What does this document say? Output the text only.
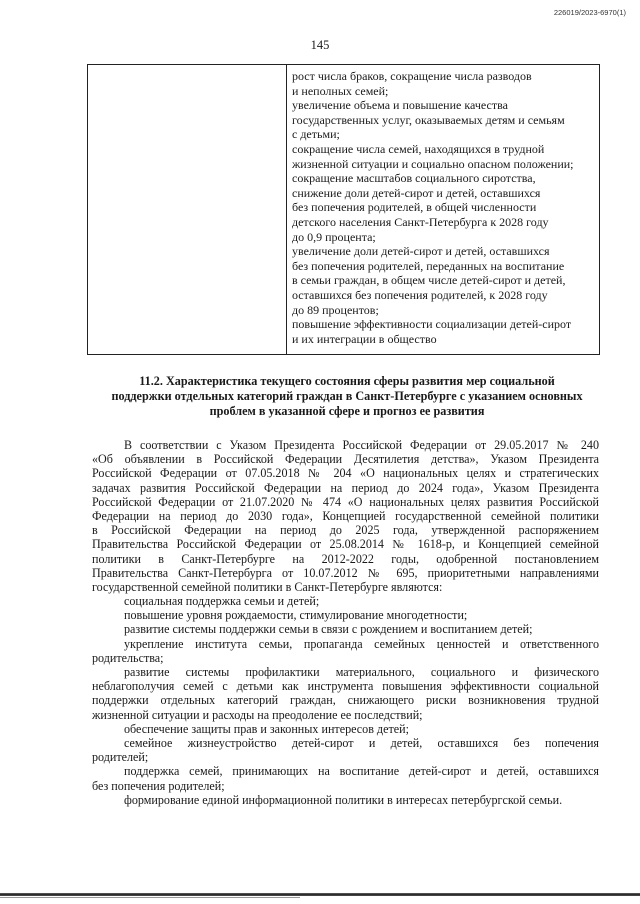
226019/2023-6970(1)
145
рост числа браков, сокращение числа разводов
и неполных семей;
увеличение объема и повышение качества
государственных услуг, оказываемых детям и семьям
с детьми;
сокращение числа семей, находящихся в трудной
жизненной ситуации и социально опасном положении;
сокращение масштабов социального сиротства,
снижение доли детей-сирот и детей, оставшихся
без попечения родителей, в общей численности
детского населения Санкт-Петербурга к 2028 году
до 0,9 процента;
увеличение доли детей-сирот и детей, оставшихся
без попечения родителей, переданных на воспитание
в семьи граждан, в общем числе детей-сирот и детей,
оставшихся без попечения родителей, к 2028 году
до 89 процентов;
повышение эффективности социализации детей-сирот
и их интеграции в общество
11.2. Характеристика текущего состояния сферы развития мер социальной
поддержки отдельных категорий граждан в Санкт-Петербурге с указанием основных
проблем в указанной сфере и прогноз ее развития
В соответствии с Указом Президента Российской Федерации от 29.05.2017 № 240
«Об объявлении в Российской Федерации Десятилетия детства», Указом Президента
Российской Федерации от 07.05.2018 № 204 «О национальных целях и стратегических
задачах развития Российской Федерации на период до 2024 года», Указом Президента
Российской Федерации от 21.07.2020 № 474 «О национальных целях развития Российской
Федерации на период до 2030 года», Концепцией государственной семейной политики
в Российской Федерации на период до 2025 года, утвержденной распоряжением
Правительства Российской Федерации от 25.08.2014 № 1618-р, и Концепцией семейной
политики в Санкт-Петербурге на 2012-2022 годы, одобренной постановлением
Правительства Санкт-Петербурга от 10.07.2012 № 695, приоритетными направлениями
государственной семейной политики в Санкт-Петербурге являются:
социальная поддержка семьи и детей;
повышение уровня рождаемости, стимулирование многодетности;
развитие системы поддержки семьи в связи с рождением и воспитанием детей;
укрепление института семьи, пропаганда семейных ценностей и ответственного
родительства;
развитие системы профилактики материального, социального и физического
неблагополучия семей с детьми как инструмента повышения эффективности социальной
поддержки отдельных категорий граждан, снижающего риски возникновения трудной
жизненной ситуации и расходы на преодоление ее последствий;
обеспечение защиты прав и законных интересов детей;
семейное жизнеустройство детей-сирот и детей, оставшихся без попечения
родителей;
поддержка семей, принимающих на воспитание детей-сирот и детей, оставшихся
без попечения родителей;
формирование единой информационной политики в интересах петербургской семьи.
